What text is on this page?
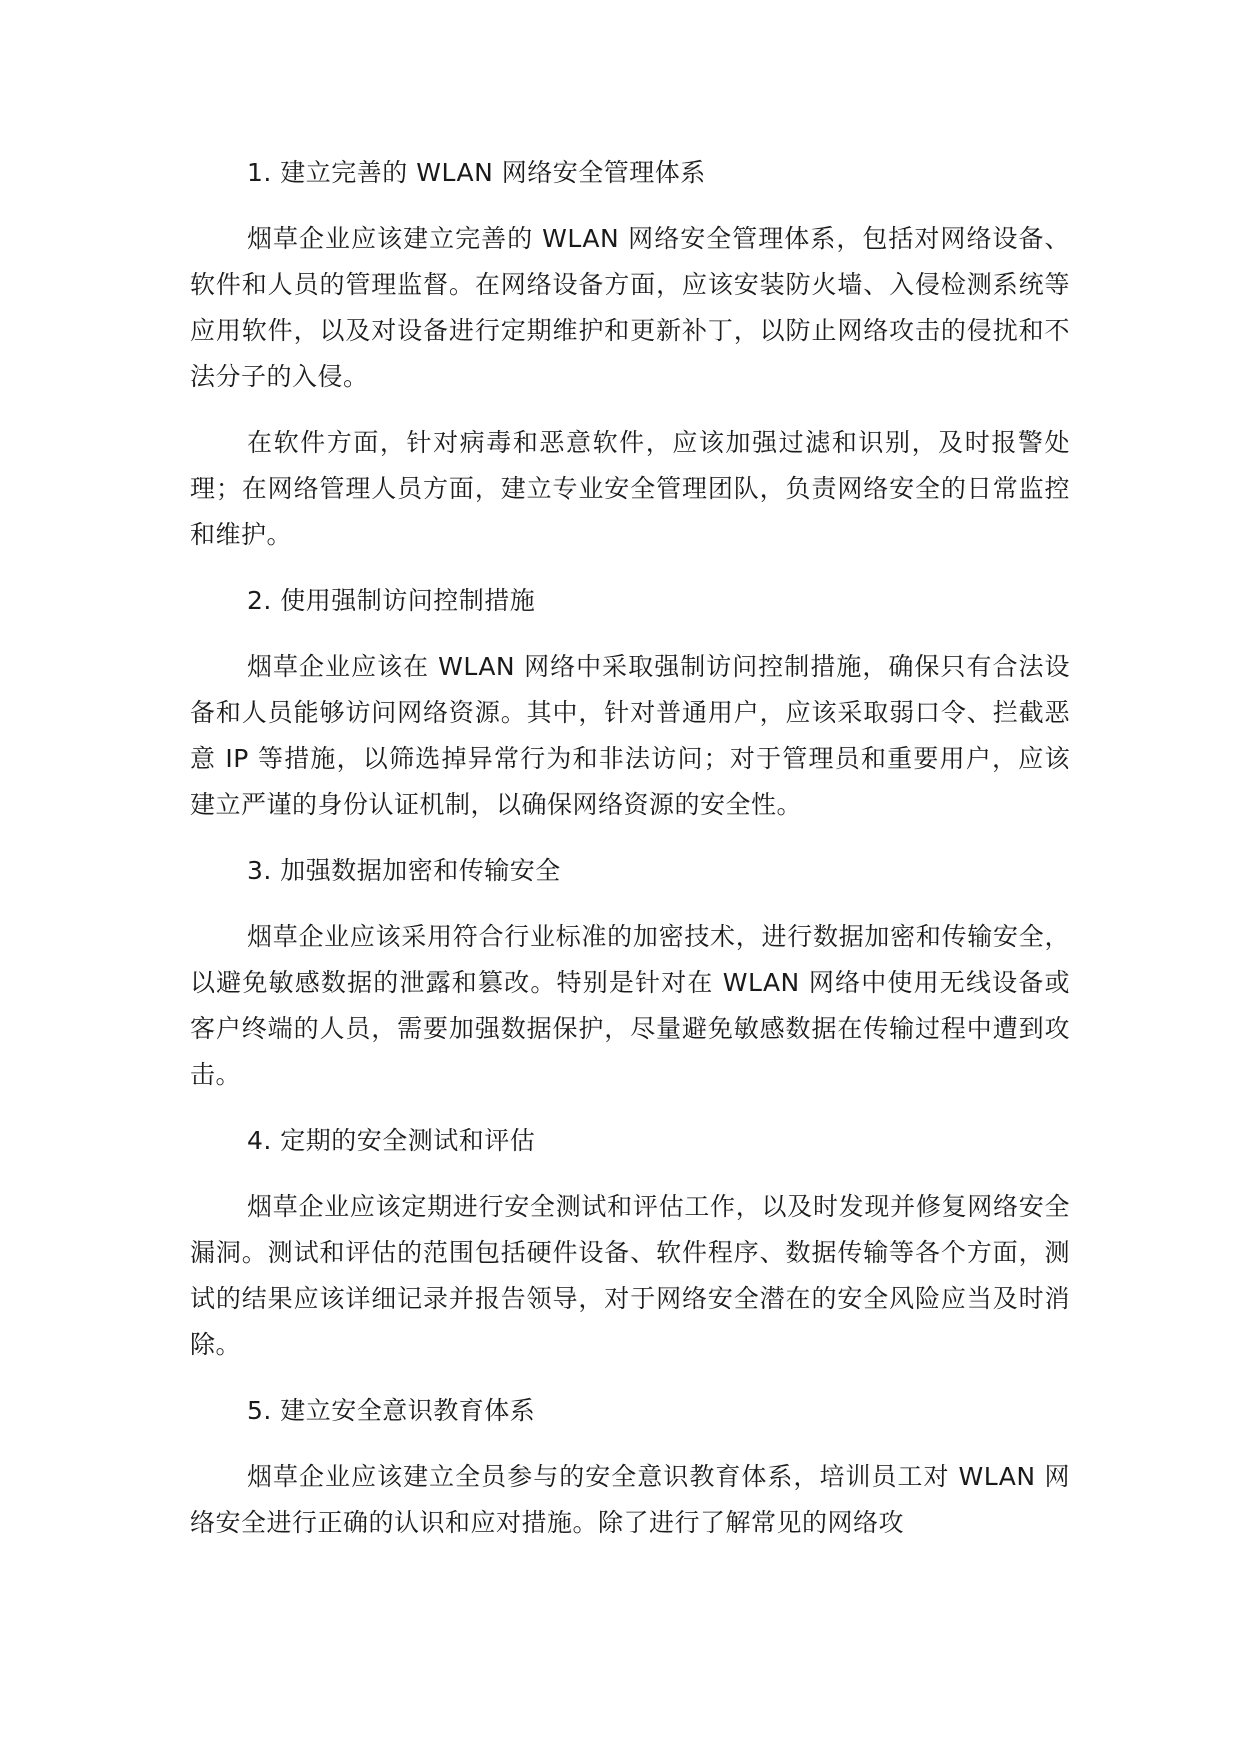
1. 建立完善的 WLAN 网络安全管理体系

烟草企业应该建立完善的 WLAN 网络安全管理体系，包括对网络设备、软件和人员的管理监督。在网络设备方面，应该安装防火墙、入侵检测系统等应用软件，以及对设备进行定期维护和更新补丁，以防止网络攻击的侵扰和不法分子的入侵。

在软件方面，针对病毒和恶意软件，应该加强过滤和识别，及时报警处理；在网络管理人员方面，建立专业安全管理团队，负责网络安全的日常监控和维护。

2. 使用强制访问控制措施

烟草企业应该在 WLAN 网络中采取强制访问控制措施，确保只有合法设备和人员能够访问网络资源。其中，针对普通用户，应该采取弱口令、拦截恶意 IP 等措施，以筛选掉异常行为和非法访问；对于管理员和重要用户，应该建立严谨的身份认证机制，以确保网络资源的安全性。

3. 加强数据加密和传输安全

烟草企业应该采用符合行业标准的加密技术，进行数据加密和传输安全，以避免敏感数据的泄露和篡改。特别是针对在 WLAN 网络中使用无线设备或客户终端的人员，需要加强数据保护，尽量避免敏感数据在传输过程中遭到攻击。

4. 定期的安全测试和评估

烟草企业应该定期进行安全测试和评估工作，以及时发现并修复网络安全漏洞。测试和评估的范围包括硬件设备、软件程序、数据传输等各个方面，测试的结果应该详细记录并报告领导，对于网络安全潜在的安全风险应当及时消除。

5. 建立安全意识教育体系

烟草企业应该建立全员参与的安全意识教育体系，培训员工对 WLAN 网络安全进行正确的认识和应对措施。除了进行了解常见的网络攻
